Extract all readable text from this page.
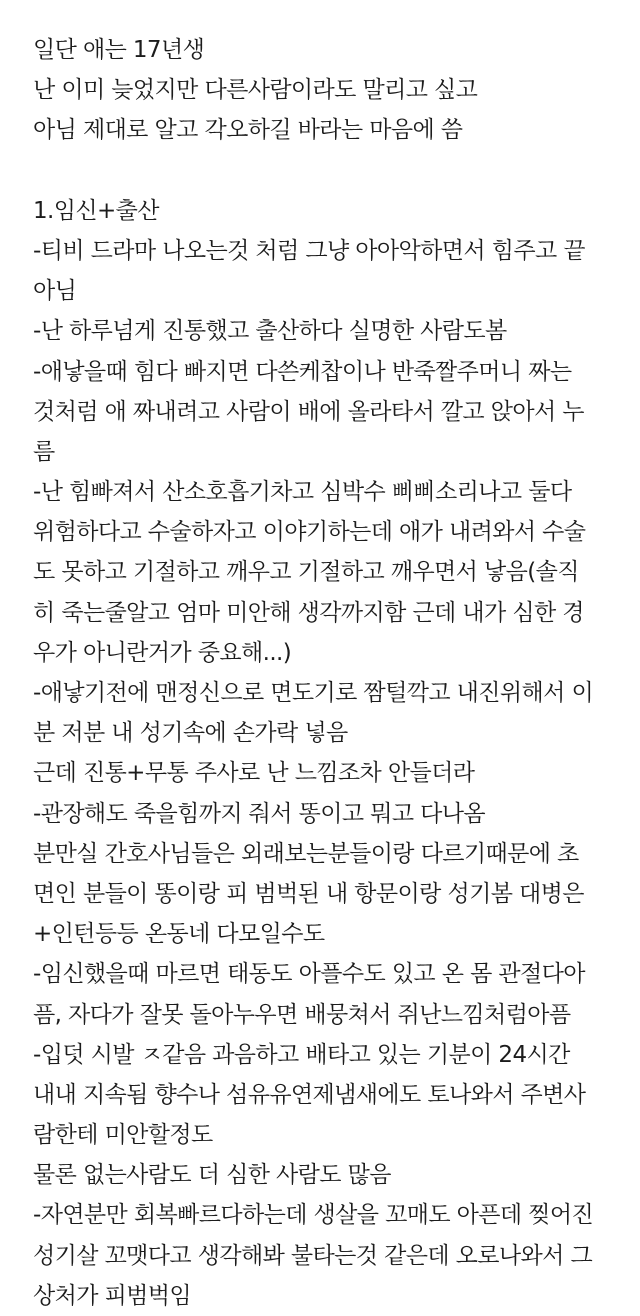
일단 애는 17년생
난 이미 늦었지만 다른사람이라도 말리고 싶고
아님 제대로 알고 각오하길 바라는 마음에 씀
1.임신+출산
-티비 드라마 나오는것 처럼 그냥 아아악하면서 힘주고 끝
아님
-난 하루넘게 진통했고 출산하다 실명한 사람도봄
-애낳을때 힘다 빠지면 다쓴케찹이나 반죽짤주머니 짜는
것처럼 애 짜내려고 사람이 배에 올라타서 깔고 앉아서 누
름
-난 힘빠져서 산소호흡기차고 심박수 삐삐소리나고 둘다
위험하다고 수술하자고 이야기하는데 애가 내려와서 수술
도 못하고 기절하고 깨우고 기절하고 깨우면서 낳음(솔직
히 죽는줄알고 엄마 미안해 생각까지함 근데 내가 심한 경
우가 아니란거가 중요해...)
-애낳기전에 맨정신으로 면도기로 짬털깍고 내진위해서 이
분 저분 내 성기속에 손가락 넣음
근데 진통+무통 주사로 난 느낌조차 안들더라
-관장해도 죽을힘까지 줘서 똥이고 뭐고 다나옴
분만실 간호사님들은 외래보는분들이랑 다르기때문에 초
면인 분들이 똥이랑 피 범벅된 내 항문이랑 성기봄 대병은
+인턴등등 온동네 다모일수도
-임신했을때 마르면 태동도 아플수도 있고 온 몸 관절다아
픔, 자다가 잘못 돌아누우면 배뭉쳐서 쥐난느낌처럼아픔
-입덧 시발 ㅈ같음 과음하고 배타고 있는 기분이 24시간
내내 지속됨 향수나 섬유유연제냄새에도 토나와서 주변사
람한테 미안할정도
물론 없는사람도 더 심한 사람도 많음
-자연분만 회복빠르다하는데 생살을 꼬매도 아픈데 찢어진
성기살 꼬맷다고 생각해봐 불타는것 같은데 오로나와서 그
상처가 피범벅임
